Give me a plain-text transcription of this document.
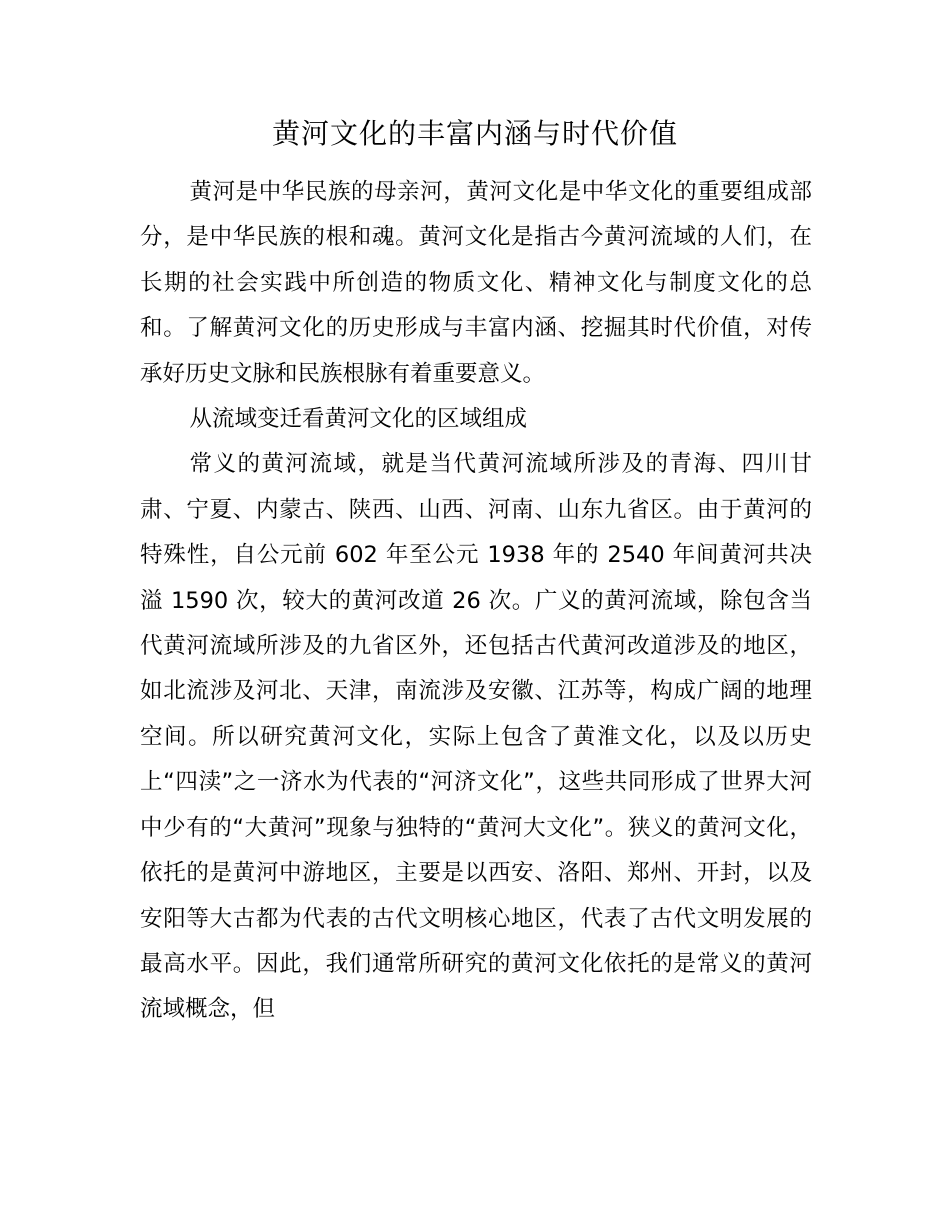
黄河文化的丰富内涵与时代价值

黄河是中华民族的母亲河，黄河文化是中华文化的重要组成部分，是中华民族的根和魂。黄河文化是指古今黄河流域的人们，在长期的社会实践中所创造的物质文化、精神文化与制度文化的总和。了解黄河文化的历史形成与丰富内涵、挖掘其时代价值，对传承好历史文脉和民族根脉有着重要意义。

从流域变迁看黄河文化的区域组成

常义的黄河流域，就是当代黄河流域所涉及的青海、四川甘肃、宁夏、内蒙古、陕西、山西、河南、山东九省区。由于黄河的特殊性，自公元前 602 年至公元 1938 年的 2540 年间黄河共决溢 1590 次，较大的黄河改道 26 次。广义的黄河流域，除包含当代黄河流域所涉及的九省区外，还包括古代黄河改道涉及的地区，如北流涉及河北、天津，南流涉及安徽、江苏等，构成广阔的地理空间。所以研究黄河文化，实际上包含了黄淮文化，以及以历史上“四渎”之一济水为代表的“河济文化”，这些共同形成了世界大河中少有的“大黄河”现象与独特的“黄河大文化”。狭义的黄河文化，依托的是黄河中游地区，主要是以西安、洛阳、郑州、开封，以及安阳等大古都为代表的古代文明核心地区，代表了古代文明发展的最高水平。因此，我们通常所研究的黄河文化依托的是常义的黄河流域概念，但
